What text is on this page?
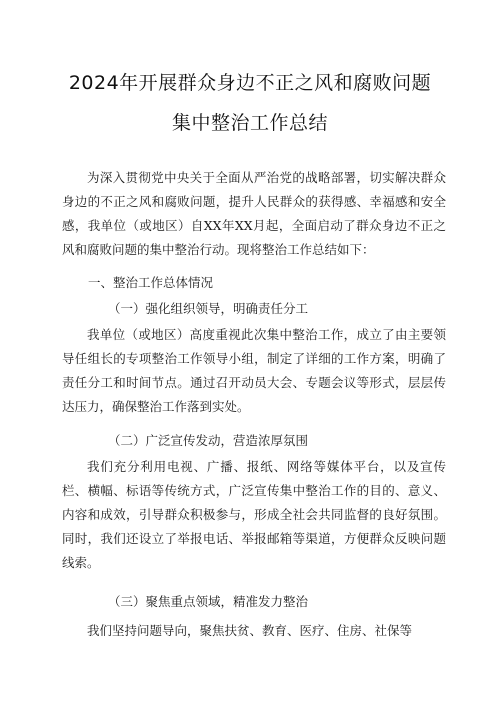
2024年开展群众身边不正之风和腐败问题
集中整治工作总结

为深入贯彻党中央关于全面从严治党的战略部署，切实解决群众身边的不正之风和腐败问题，提升人民群众的获得感、幸福感和安全感，我单位（或地区）自XX年XX月起，全面启动了群众身边不正之风和腐败问题的集中整治行动。现将整治工作总结如下：

一、整治工作总体情况
（一）强化组织领导，明确责任分工

我单位（或地区）高度重视此次集中整治工作，成立了由主要领导任组长的专项整治工作领导小组，制定了详细的工作方案，明确了责任分工和时间节点。通过召开动员大会、专题会议等形式，层层传达压力，确保整治工作落到实处。

（二）广泛宣传发动，营造浓厚氛围

我们充分利用电视、广播、报纸、网络等媒体平台，以及宣传栏、横幅、标语等传统方式，广泛宣传集中整治工作的目的、意义、内容和成效，引导群众积极参与，形成全社会共同监督的良好氛围。同时，我们还设立了举报电话、举报邮箱等渠道，方便群众反映问题线索。

（三）聚焦重点领域，精准发力整治

我们坚持问题导向，聚焦扶贫、教育、医疗、住房、社保等
